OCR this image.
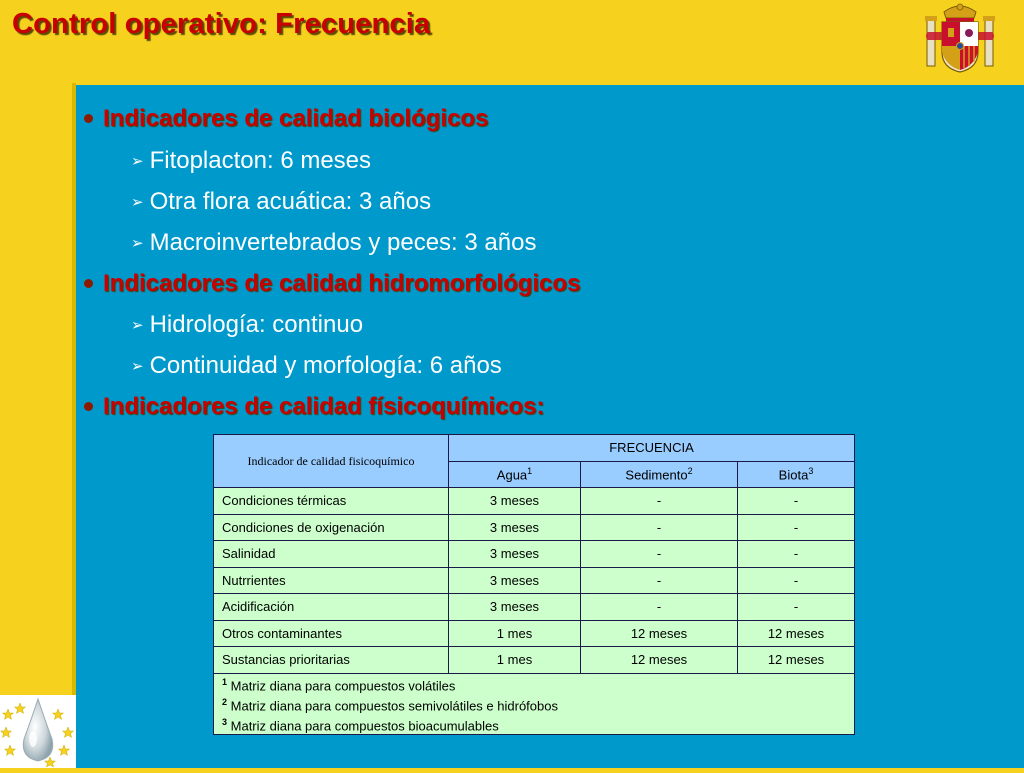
Control operativo: Frecuencia
Indicadores de calidad biológicos
➢ Fitoplacton: 6 meses
➢ Otra flora acuática: 3 años
➢ Macroinvertebrados y peces: 3 años
Indicadores de calidad hidromorfológicos
➢ Hidrología: continuo
➢ Continuidad y morfología: 6 años
Indicadores de calidad físicoquímicos:
Indicador de calidad fisicoquímico	FRECUENCIA		
	Agua$^1$	Sedimento$^2$	Biota$^3$
Condiciones térmicas	3 meses	-	-
Condiciones de oxigenación	3 meses	-	-
Salinidad	3 meses	-	-
Nutrrientes	3 meses	-	-
Acidificación	3 meses	-	-
Otros contaminantes	1 mes	12 meses	12 meses
Sustancias prioritarias	1 mes	12 meses	12 meses

$^1$ Matriz diana para compuestos volátiles
$^2$ Matriz diana para compuestos semivolátiles e hidrófobos
$^3$ Matriz diana para compuestos bioacumulables			
